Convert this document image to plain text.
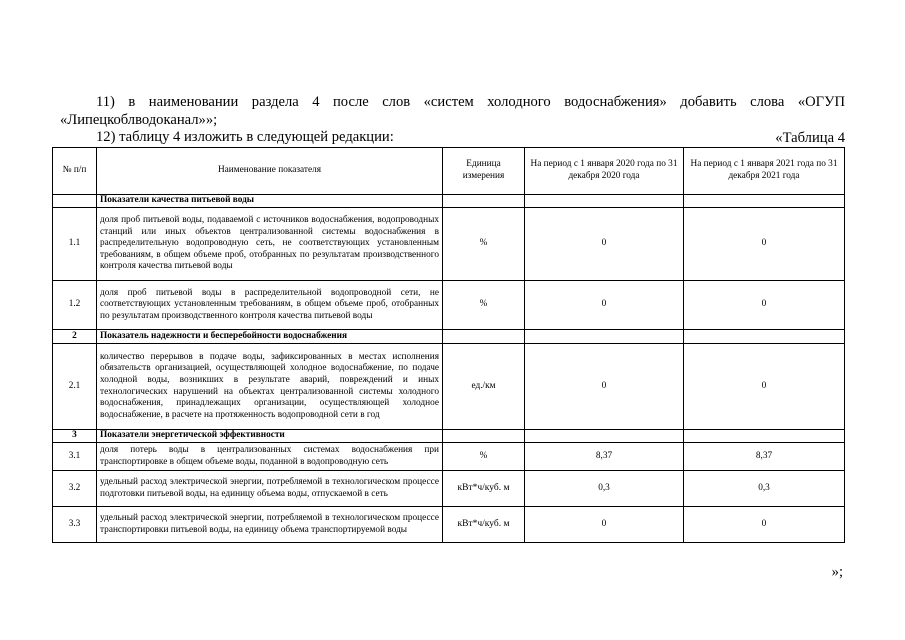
11) в наименовании раздела 4 после слов «систем холодного водоснабжения» добавить слова «ОГУП «Липецкоблводоканал»»;

12) таблицу 4 изложить в следующей редакции:	«Таблица 4
№ п/п	Наименование показателя	Единица измерения	На период с 1 января 2020 года по 31 декабря 2020 года	На период с 1 января 2021 года по 31 декабря 2021 года
	Показатели качества питьевой воды			
1.1	доля проб питьевой воды, подаваемой с источников водоснабжения, водопроводных станций или иных объектов централизованной системы водоснабжения в распределительную водопроводную сеть, не соответствующих установленным требованиям, в общем объеме проб, отобранных по результатам производственного контроля качества питьевой воды	%	0	0
1.2	доля проб питьевой воды в распределительной водопроводной сети, не соответствующих установленным требованиям, в общем объеме проб, отобранных по результатам производственного контроля качества питьевой воды	%	0	0
2	Показатель надежности и бесперебойности водоснабжения			
2.1	количество перерывов в подаче воды, зафиксированных в местах исполнения обязательств организацией, осуществляющей холодное водоснабжение, по подаче холодной воды, возникших в результате аварий, повреждений и иных технологических нарушений на объектах централизованной системы холодного водоснабжения, принадлежащих организации, осуществляющей холодное водоснабжение, в расчете на протяженность водопроводной сети в год	ед./км	0	0
3	Показатели энергетической эффективности			
3.1	доля потерь воды в централизованных системах водоснабжения при транспортировке в общем объеме воды, поданной в водопроводную сеть	%	8,37	8,37
3.2	удельный расход электрической энергии, потребляемой в технологическом процессе подготовки питьевой воды, на единицу объема воды, отпускаемой в сеть	кВт*ч/куб. м	0,3	0,3
3.3	удельный расход электрической энергии, потребляемой в технологическом процессе транспортировки питьевой воды, на единицу объема транспортируемой воды	кВт*ч/куб. м	0	0
»;
